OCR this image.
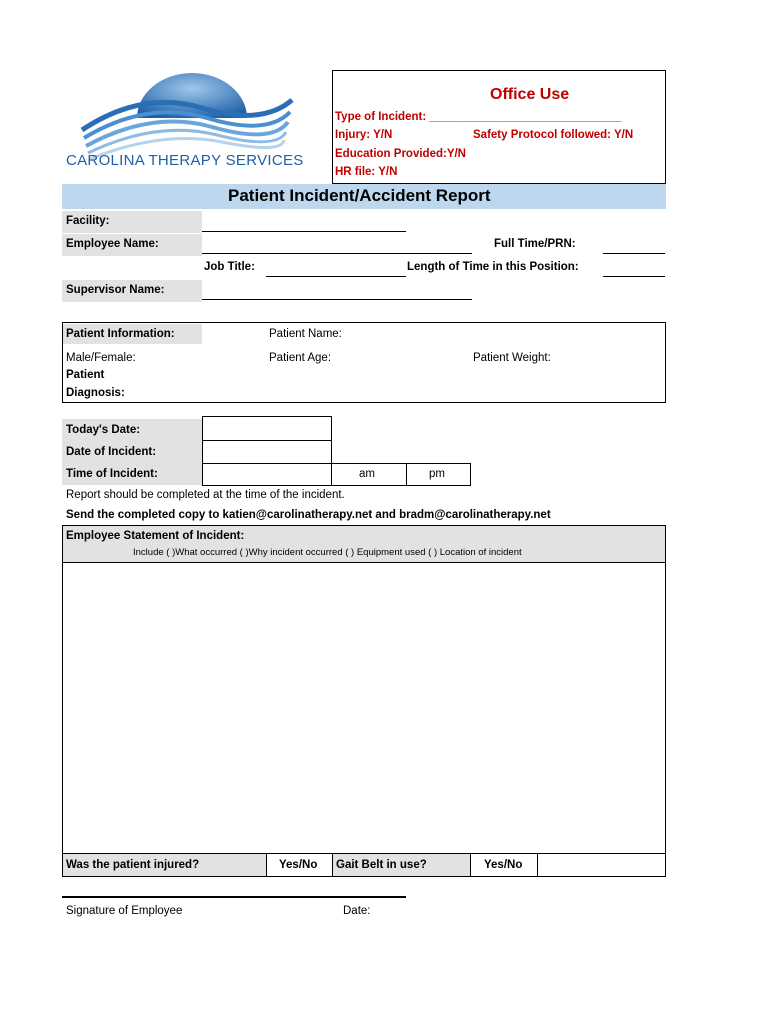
CAROLINA THERAPY SERVICES
Office Use
Type of Incident: ______________________________
Injury: Y/N	Safety Protocol followed: Y/N
Education Provided:Y/N
HR file: Y/N
Patient Incident/Accident Report
Facility:
Employee Name:	Full Time/PRN:
Job Title:	Length of Time in this Position:
Supervisor Name:
Patient Information:	Patient Name:
Male/Female:	Patient Age:	Patient Weight:
Patient
Diagnosis:
Today's Date:
Date of Incident:
Time of Incident:	am	pm
Report should be completed at the time of the incident.
Send the completed copy to katien@carolinatherapy.net and bradm@carolinatherapy.net
Employee Statement of Incident:
Include ( )What occurred ( )Why incident occurred ( ) Equipment used ( ) Location of incident
Was the patient injured?	Yes/No Gait Belt in use?	Yes/No
Signature of Employee	Date:
